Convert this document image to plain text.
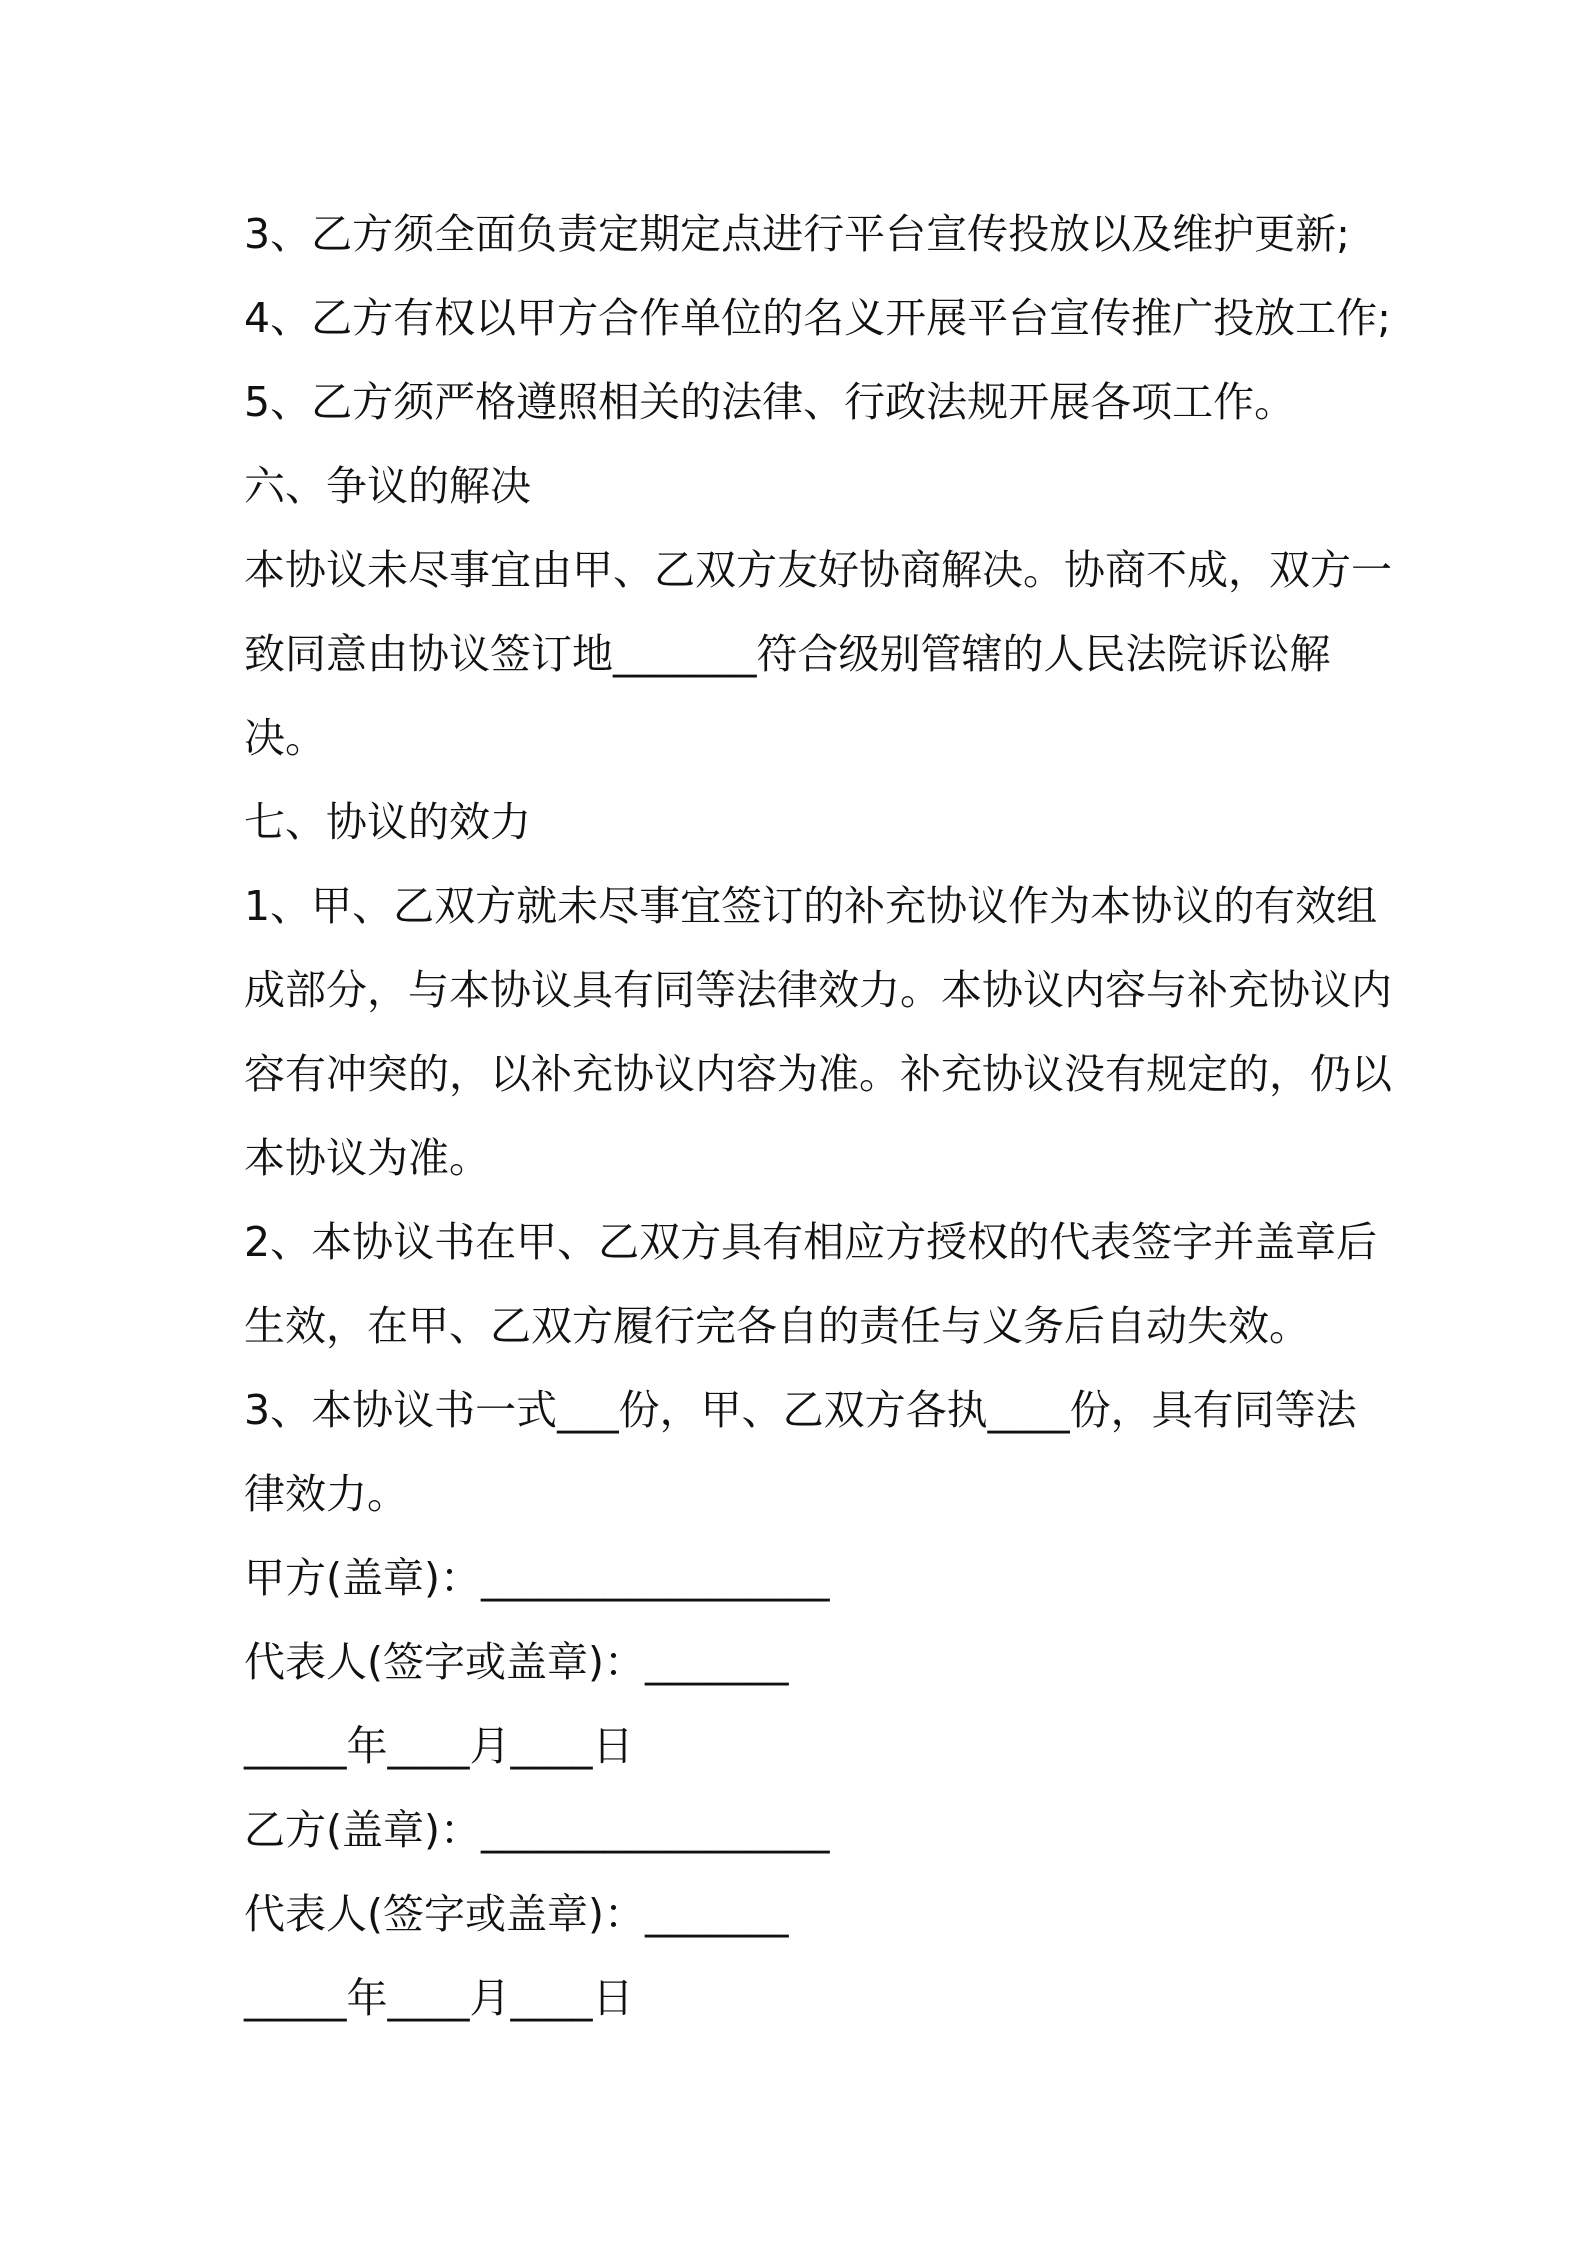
3、乙方须全面负责定期定点进行平台宣传投放以及维护更新;
4、乙方有权以甲方合作单位的名义开展平台宣传推广投放工作;
5、乙方须严格遵照相关的法律、行政法规开展各项工作。
六、争议的解决
本协议未尽事宜由甲、乙双方友好协商解决。协商不成，双方一
致同意由协议签订地_______符合级别管辖的人民法院诉讼解
决。
七、协议的效力
1、甲、乙双方就未尽事宜签订的补充协议作为本协议的有效组
成部分，与本协议具有同等法律效力。本协议内容与补充协议内
容有冲突的，以补充协议内容为准。补充协议没有规定的，仍以
本协议为准。
2、本协议书在甲、乙双方具有相应方授权的代表签字并盖章后
生效，在甲、乙双方履行完各自的责任与义务后自动失效。
3、本协议书一式___份，甲、乙双方各执____份，具有同等法
律效力。
甲方(盖章)：_________________
代表人(签字或盖章)：_______
_____年____月____日
乙方(盖章)：_________________
代表人(签字或盖章)：_______
_____年____月____日
